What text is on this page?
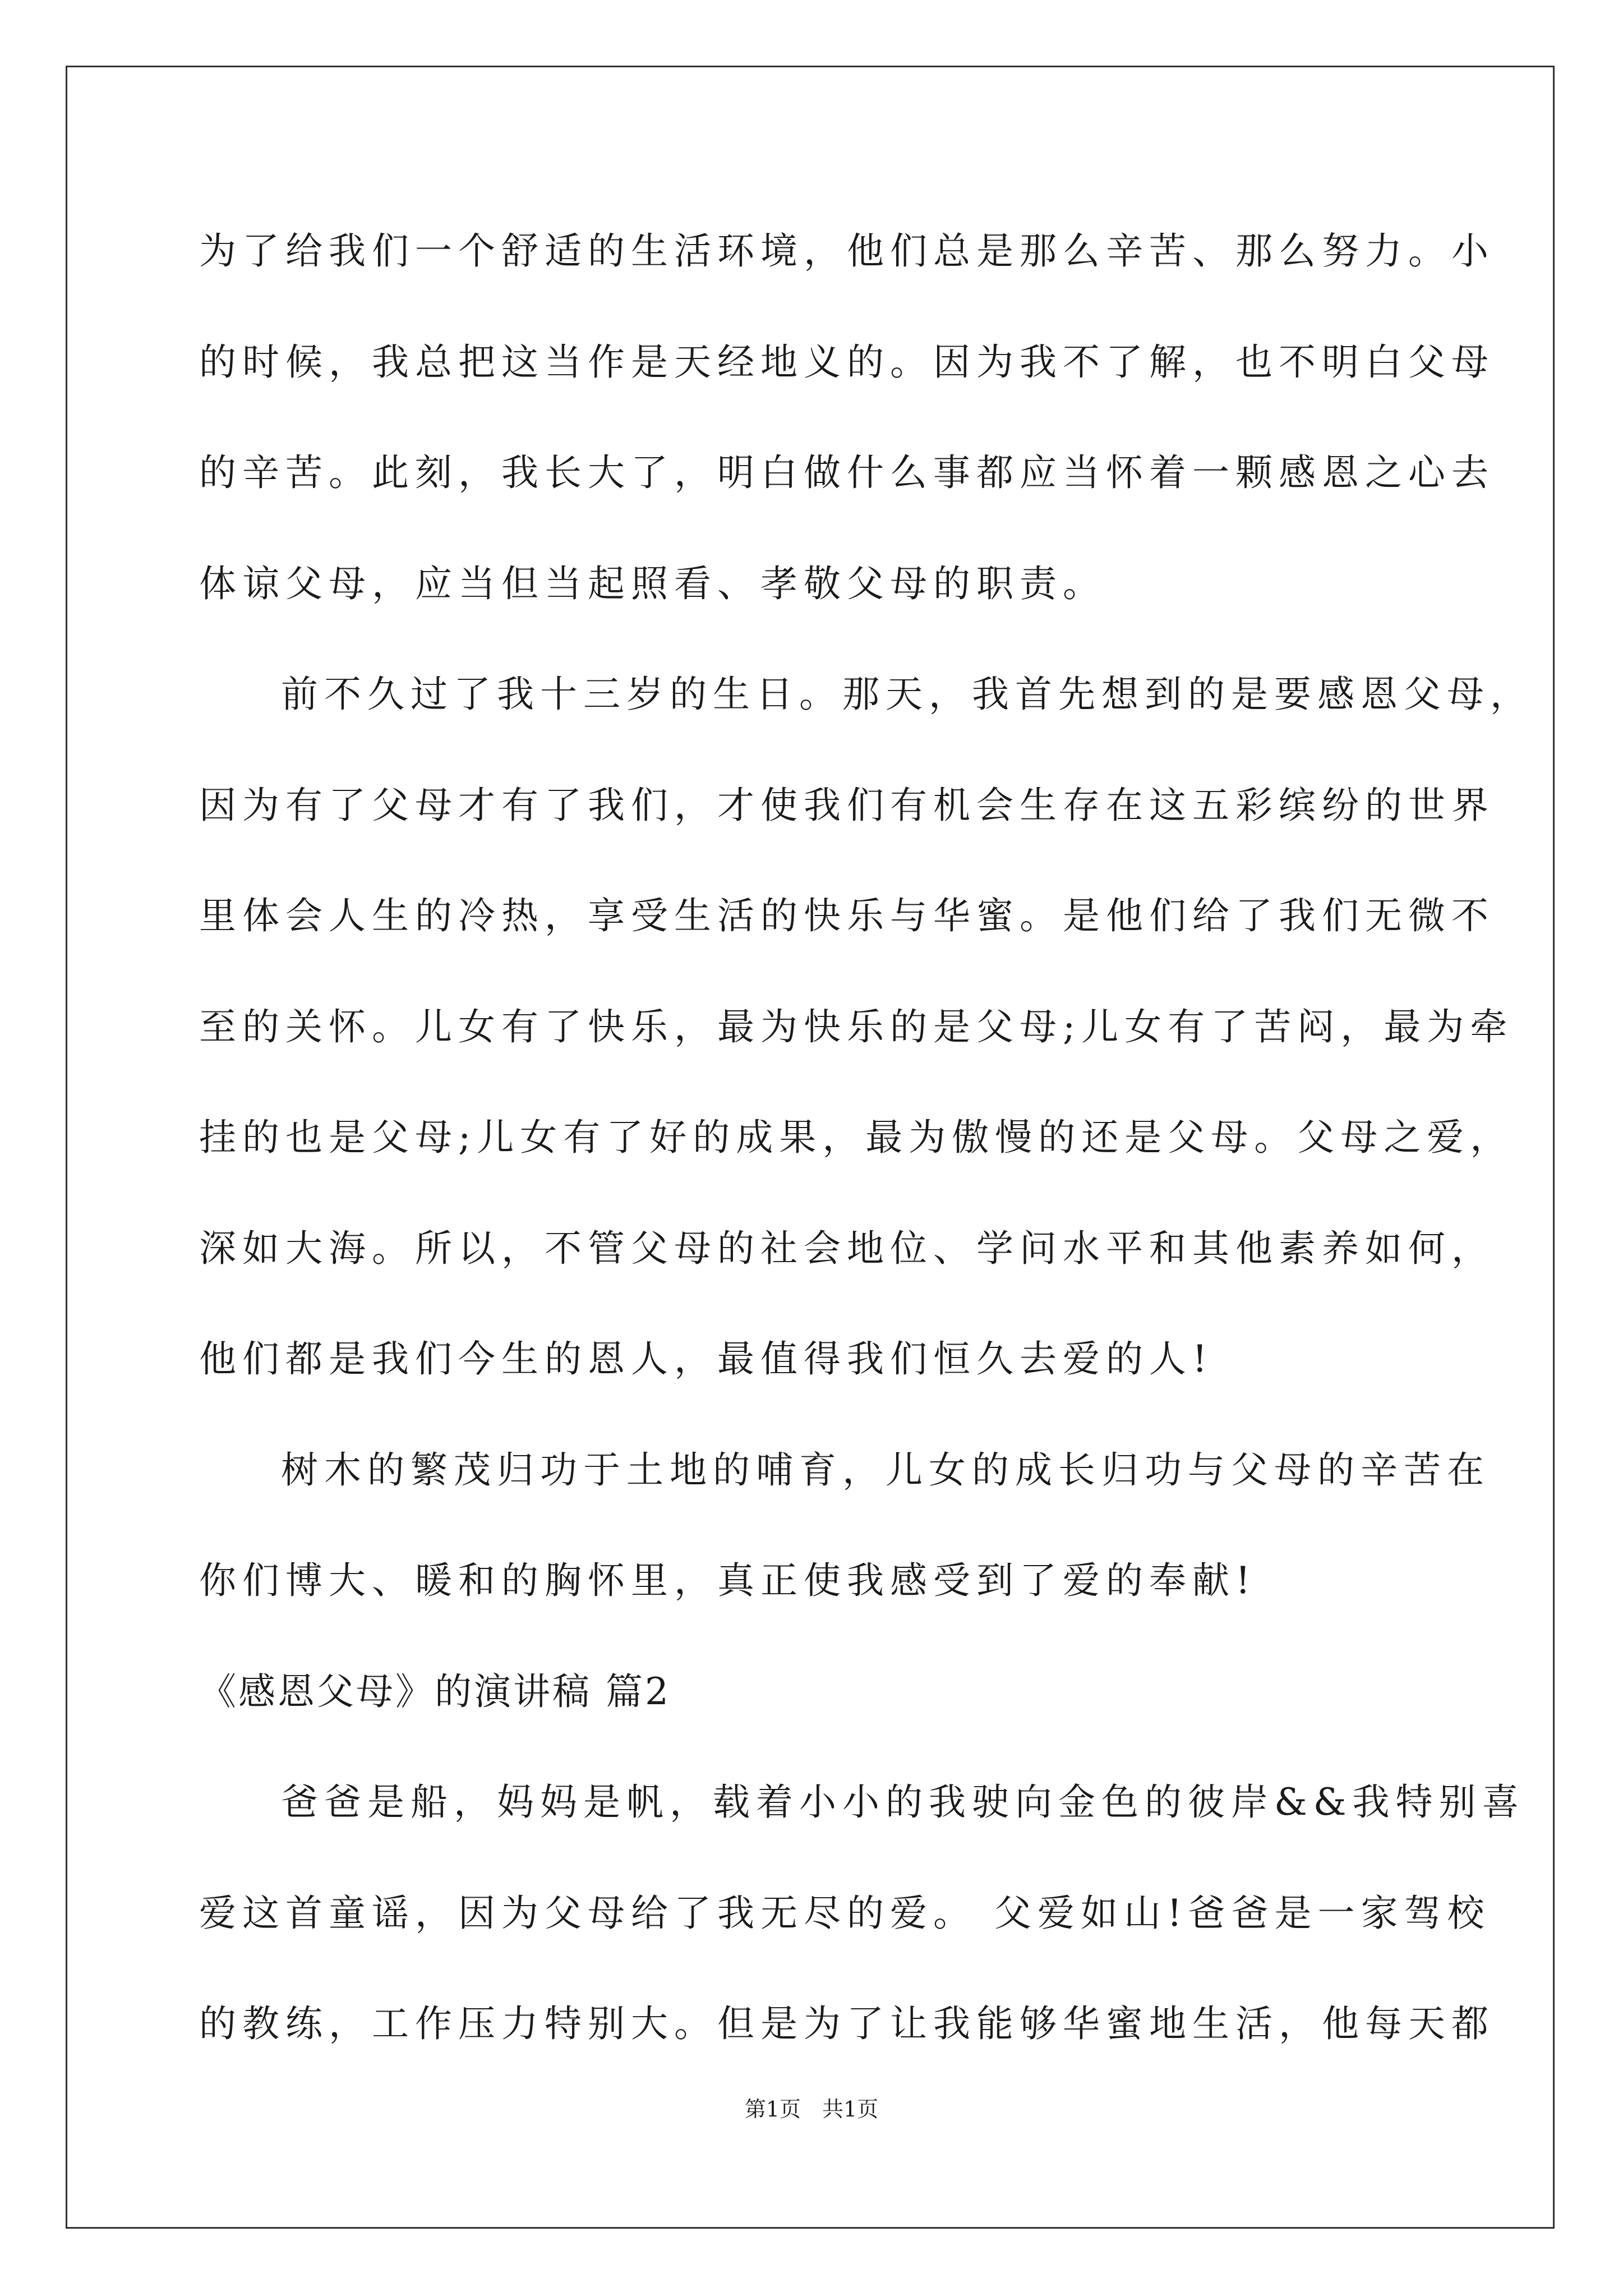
为了给我们一个舒适的生活环境，他们总是那么辛苦、那么努力。小
的时候，我总把这当作是天经地义的。因为我不了解，也不明白父母
的辛苦。此刻，我长大了，明白做什么事都应当怀着一颗感恩之心去
体谅父母，应当但当起照看、孝敬父母的职责。
前不久过了我十三岁的生日。那天，我首先想到的是要感恩父母，
因为有了父母才有了我们，才使我们有机会生存在这五彩缤纷的世界
里体会人生的冷热，享受生活的快乐与华蜜。是他们给了我们无微不
至的关怀。儿女有了快乐，最为快乐的是父母;儿女有了苦闷，最为牵
挂的也是父母;儿女有了好的成果，最为傲慢的还是父母。父母之爱，
深如大海。所以，不管父母的社会地位、学问水平和其他素养如何，
他们都是我们今生的恩人，最值得我们恒久去爱的人!
树木的繁茂归功于土地的哺育，儿女的成长归功与父母的辛苦在
你们博大、暖和的胸怀里，真正使我感受到了爱的奉献!
《感恩父母》的演讲稿 篇2
爸爸是船，妈妈是帆，载着小小的我驶向金色的彼岸&&我特别喜
爱这首童谣，因为父母给了我无尽的爱。 父爱如山!爸爸是一家驾校
的教练，工作压力特别大。但是为了让我能够华蜜地生活，他每天都
第1页　共1页
